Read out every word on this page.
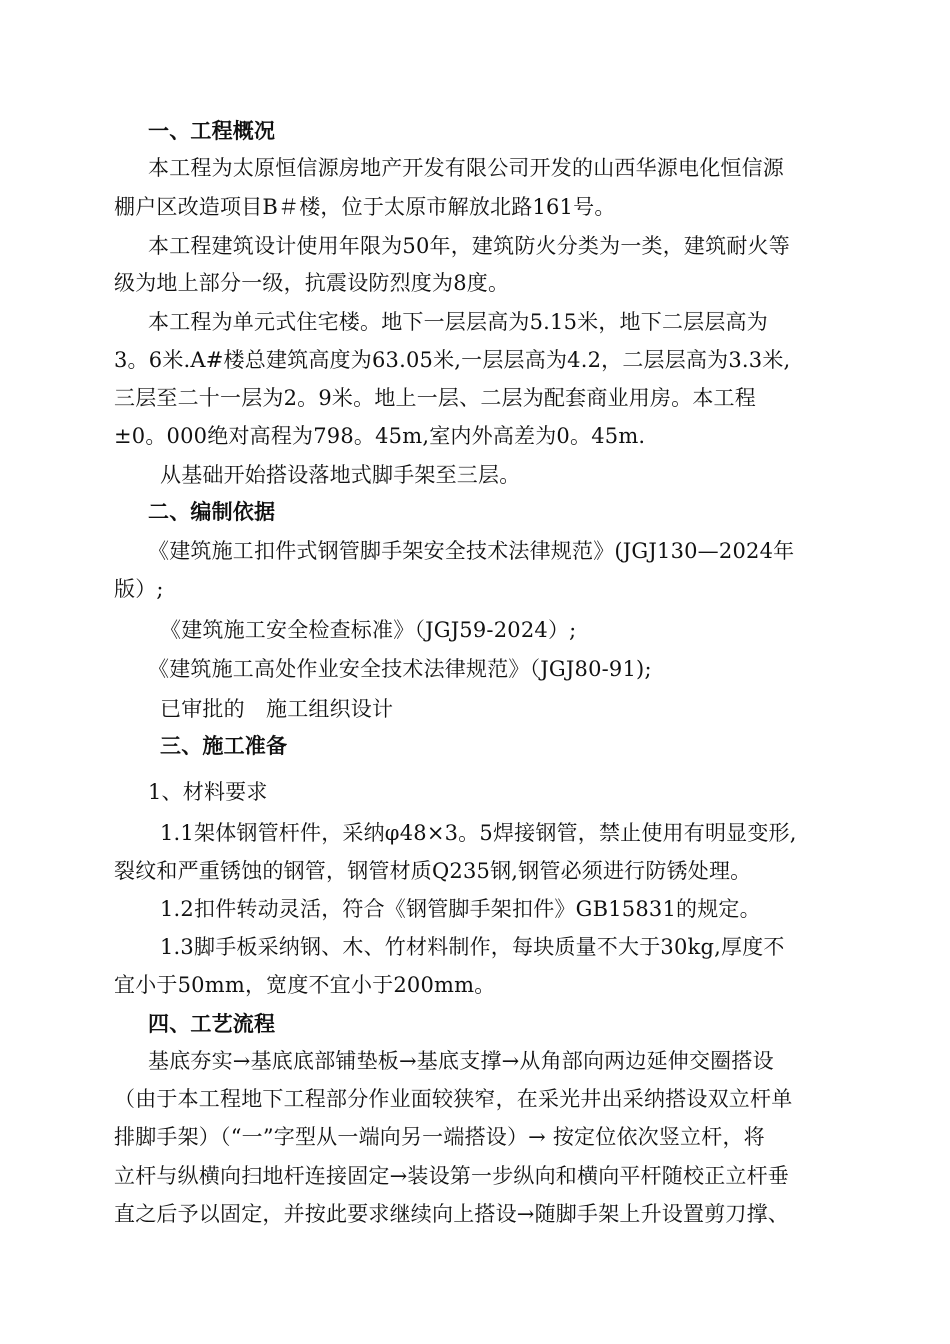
一、工程概况
本工程为太原恒信源房地产开发有限公司开发的山西华源电化恒信源
棚户区改造项目B＃楼，位于太原市解放北路161号。
本工程建筑设计使用年限为50年，建筑防火分类为一类，建筑耐火等
级为地上部分一级，抗震设防烈度为8度。
本工程为单元式住宅楼。地下一层层高为5.15米，地下二层层高为
3。6米.A#楼总建筑高度为63.05米,一层层高为4.2，二层层高为3.3米,
三层至二十一层为2。9米。地上一层、二层为配套商业用房。本工程
±0。000绝对高程为798。45m,室内外高差为0。45m.
从基础开始搭设落地式脚手架至三层。
二、编制依据
《建筑施工扣件式钢管脚手架安全技术法律规范》(JGJ130—2024年
版）;
《建筑施工安全检查标准》（JGJ59-2024）;
《建筑施工高处作业安全技术法律规范》（JGJ80-91);
已审批的　施工组织设计
三、施工准备
1、材料要求
1.1架体钢管杆件，采纳φ48×3。5焊接钢管，禁止使用有明显变形,
裂纹和严重锈蚀的钢管，钢管材质Q235钢,钢管必须进行防锈处理。
1.2扣件转动灵活，符合《钢管脚手架扣件》GB15831的规定。
1.3脚手板采纳钢、木、竹材料制作，每块质量不大于30kg,厚度不
宜小于50mm，宽度不宜小于200mm。
四、工艺流程
基底夯实→基底底部铺垫板→基底支撑→从角部向两边延伸交圈搭设
（由于本工程地下工程部分作业面较狭窄，在采光井出采纳搭设双立杆单
排脚手架）（“一”字型从一端向另一端搭设）→ 按定位依次竖立杆，将
立杆与纵横向扫地杆连接固定→装设第一步纵向和横向平杆随校正立杆垂
直之后予以固定，并按此要求继续向上搭设→随脚手架上升设置剪刀撑、
